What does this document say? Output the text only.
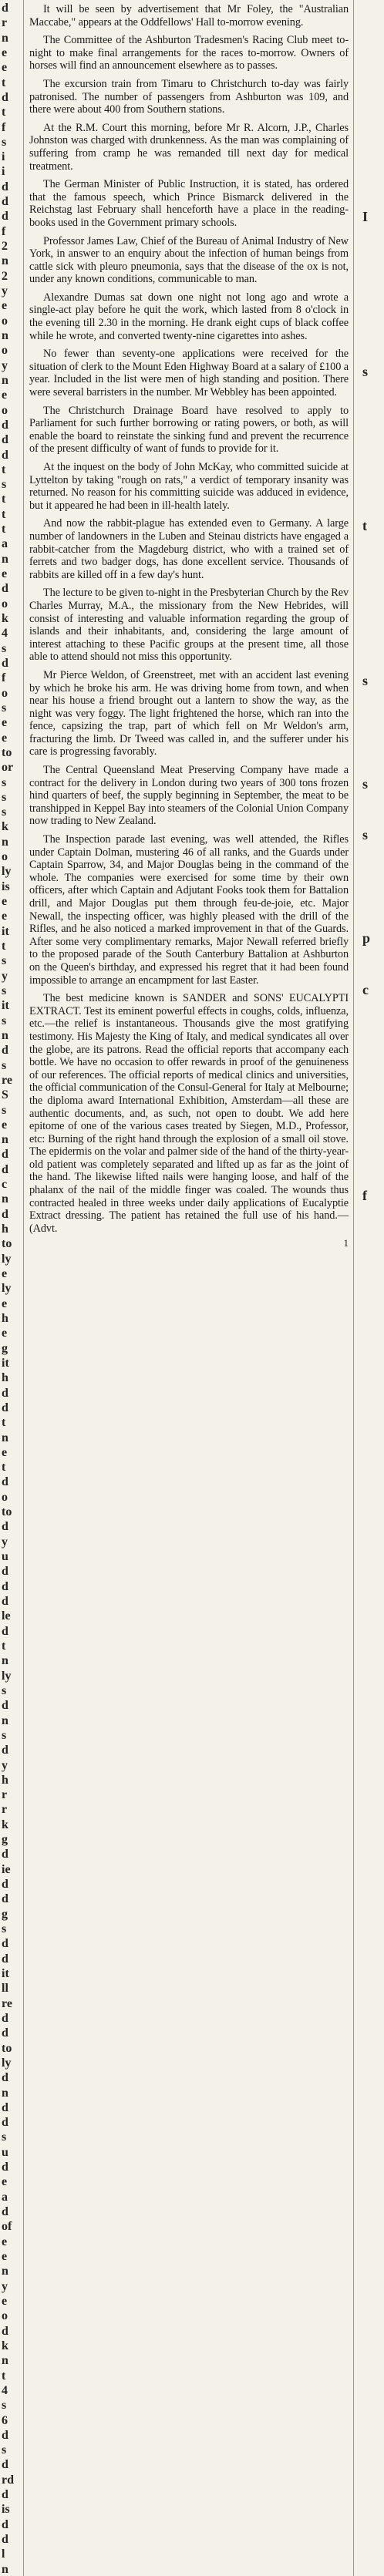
d
r
n
e
e
t
d
t
f
s
i
i
d
d
d
f
2
n
2
y
e
o
n
o
y
n
e
o
d
d
d
t
s
t
t
t
a
n
e
d
o
k
4
s
d
f
o
s
e
e
to
or
s
s
s
k
n
o
ly
is
e
e
it
t
s
y
s
it
s
n
d
s
re
S
s
e
n
d
d
c
n
d
h
to
ly
e
ly
e
h
e
g
it
h
d
d
t
n
e
t
d
o
to
d
y
u
d
d
d
le
d
t
n
ly
s
d
n
s
d
y
h
r
r
k
g
d
ie
d
d
g
s
d
d
it
ll
re
d
d
to
ly
d
n
d
d
s
u
d
e
a
d
of
e
e
n
y
e
o
d
k
n
t
4
s
6
d
s
d
rd
d
is
d
d
l
n

It will be seen by advertisement that Mr Foley, the "Australian Maccabe," appears at the Oddfellows' Hall to-morrow evening.

The Committee of the Ashburton Tradesmen's Racing Club meet to-night to make final arrangements for the races to-morrow. Owners of horses will find an announcement elsewhere as to passes.

The excursion train from Timaru to Christchurch to-day was fairly patronised. The number of passengers from Ashburton was 109, and there were about 400 from Southern stations.

At the R.M. Court this morning, before Mr R. Alcorn, J.P., Charles Johnston was charged with drunkenness. As the man was complaining of suffering from cramp he was remanded till next day for medical treatment.

The German Minister of Public Instruction, it is stated, has ordered that the famous speech, which Prince Bismarck delivered in the Reichstag last February shall henceforth have a place in the reading-books used in the Government primary schools.

Professor James Law, Chief of the Bureau of Animal Industry of New York, in answer to an enquiry about the infection of human beings from cattle sick with pleuro pneumonia, says that the disease of the ox is not, under any known conditions, communicable to man.

Alexandre Dumas sat down one night not long ago and wrote a single-act play before he quit the work, which lasted from 8 o'clock in the evening till 2.30 in the morning. He drank eight cups of black coffee while he wrote, and converted twenty-nine cigarettes into ashes.

No fewer than seventy-one applications were received for the situation of clerk to the Mount Eden Highway Board at a salary of £100 a year. Included in the list were men of high standing and position. There were several barristers in the number. Mr Webbley has been appointed.

The Christchurch Drainage Board have resolved to apply to Parliament for such further borrowing or rating powers, or both, as will enable the board to reinstate the sinking fund and prevent the recurrence of the present difficulty of want of funds to provide for it.

At the inquest on the body of John McKay, who committed suicide at Lyttelton by taking "rough on rats," a verdict of temporary insanity was returned. No reason for his committing suicide was adduced in evidence, but it appeared he had been in ill-health lately.

And now the rabbit-plague has extended even to Germany. A large number of landowners in the Luben and Steinau districts have engaged a rabbit-catcher from the Magdeburg district, who with a trained set of ferrets and two badger dogs, has done excellent service. Thousands of rabbits are killed off in a few day's hunt.

The lecture to be given to-night in the Presbyterian Church by the Rev Charles Murray, M.A., the missionary from the New Hebrides, will consist of interesting and valuable information regarding the group of islands and their inhabitants, and, considering the large amount of interest attaching to these Pacific groups at the present time, all those able to attend should not miss this opportunity.

Mr Pierce Weldon, of Greenstreet, met with an accident last evening by which he broke his arm. He was driving home from town, and when near his house a friend brought out a lantern to show the way, as the night was very foggy. The light frightened the horse, which ran into the fence, capsizing the trap, part of which fell on Mr Weldon's arm, fracturing the limb. Dr Tweed was called in, and the sufferer under his care is progressing favorably.

The Central Queensland Meat Preserving Company have made a contract for the delivery in London during two years of 300 tons frozen hind quarters of beef, the supply beginning in September, the meat to be transhipped in Keppel Bay into steamers of the Colonial Union Company now trading to New Zealand.

The Inspection parade last evening, was well attended, the Rifles under Captain Dolman, mustering 46 of all ranks, and the Guards under Captain Sparrow, 34, and Major Douglas being in the command of the whole. The companies were exercised for some time by their own officers, after which Captain and Adjutant Fooks took them for Battalion drill, and Major Douglas put them through feu-de-joie, etc. Major Newall, the inspecting officer, was highly pleased with the drill of the Rifles, and he also noticed a marked improvement in that of the Guards. After some very complimentary remarks, Major Newall referred briefly to the proposed parade of the South Canterbury Battalion at Ashburton on the Queen's birthday, and expressed his regret that it had been found impossible to arrange an encampment for last Easter.

The best medicine known is SANDER and SONS' EUCALYPTI EXTRACT. Test its eminent powerful effects in coughs, colds, influenza, etc.—the relief is instantaneous. Thousands give the most gratifying testimony. His Majesty the King of Italy, and medical syndicates all over the globe, are its patrons. Read the official reports that accompany each bottle. We have no occasion to offer rewards in proof of the genuineness of our references. The official reports of medical clinics and universities, the official communication of the Consul-General for Italy at Melbourne; the diploma award International Exhibition, Amsterdam—all these are authentic documents, and, as such, not open to doubt. We add here epitome of one of the various cases treated by Siegen, M.D., Professor, etc: Burning of the right hand through the explosion of a small oil stove. The epidermis on the volar and palmer side of the hand of the thirty-year-old patient was completely separated and lifted up as far as the joint of the hand. The likewise lifted nails were hanging loose, and half of the phalanx of the nail of the middle finger was coaled. The wounds thus contracted healed in three weeks under daily applications of Eucalyptie Extract dressing. The patient has retained the full use of his hand.—(Advt.

1
I
s
t
s
s
s
p
c
f
